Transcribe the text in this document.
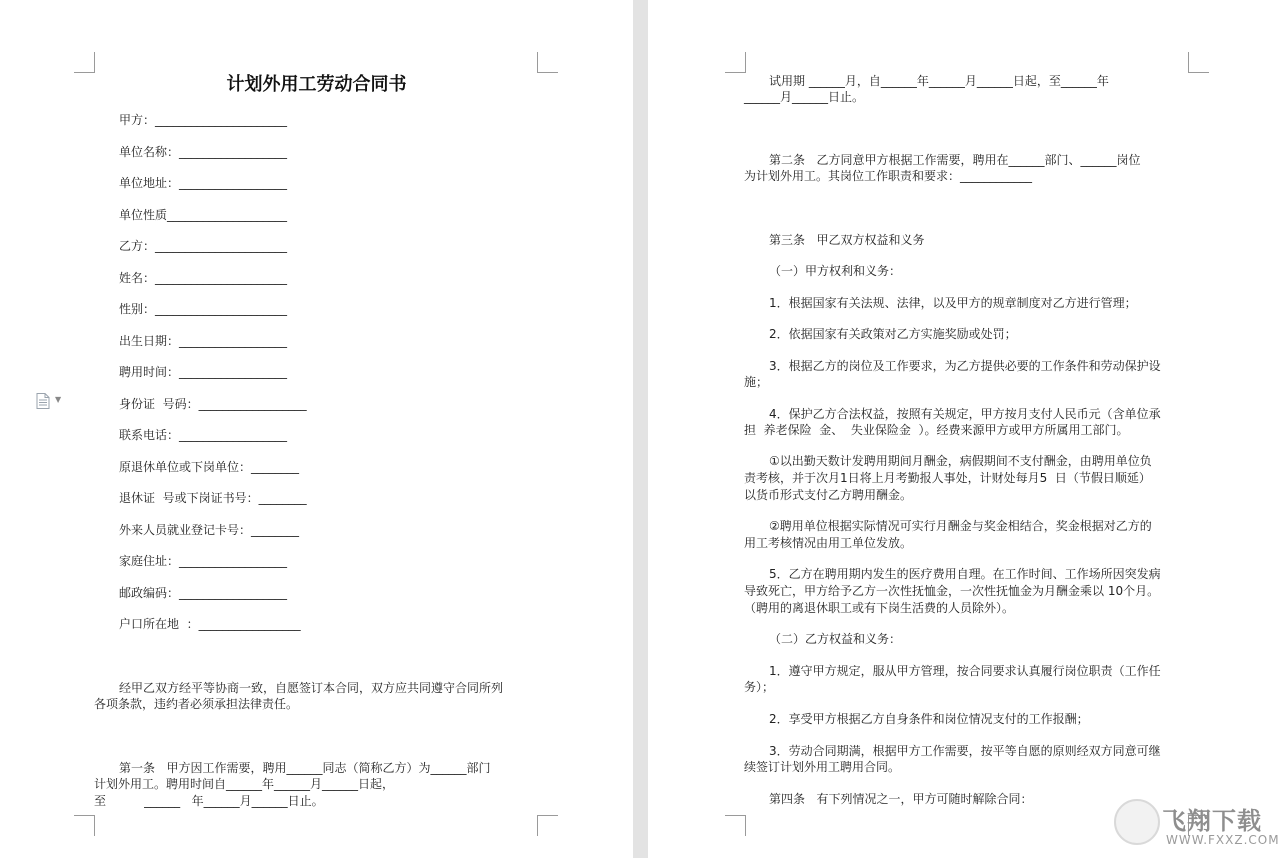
计划外用工劳动合同书
甲方：______________________
单位名称：__________________
单位地址：__________________
单位性质____________________
乙方：______________________
姓名：______________________
性别：______________________
出生日期：__________________
聘用时间：__________________
身份证  号码：__________________
联系电话：__________________
原退休单位或下岗单位：________
退休证  号或下岗证书号：________
外来人员就业登记卡号：________
家庭住址：__________________
邮政编码：__________________
户口所在地  ：_________________
经甲乙双方经平等协商一致，自愿签订本合同，双方应共同遵守合同所列
各项条款，违约者必须承担法律责任。
第一条   甲方因工作需要，聘用______同志（简称乙方）为______部门
计划外用工。聘用时间自______年______月______日起，
至          ______   年______月______日止。
▼
试用期 ______月，自______年______月______日起，至______年
______月______日止。
第二条   乙方同意甲方根据工作需要，聘用在______部门、______岗位
为计划外用工。其岗位工作职责和要求：____________
第三条   甲乙双方权益和义务
（一）甲方权利和义务：
1．根据国家有关法规、法律，以及甲方的规章制度对乙方进行管理；
2．依据国家有关政策对乙方实施奖励或处罚；
3．根据乙方的岗位及工作要求，为乙方提供必要的工作条件和劳动保护设
施；
4．保护乙方合法权益，按照有关规定，甲方按月支付人民币元（含单位承
担  养老保险  金、  失业保险金  ）。经费来源甲方或甲方所属用工部门。
①以出勤天数计发聘用期间月酬金，病假期间不支付酬金，由聘用单位负
责考核，并于次月1日将上月考勤报人事处，计财处每月5  日（节假日顺延）
以货币形式支付乙方聘用酬金。
②聘用单位根据实际情况可实行月酬金与奖金相结合，奖金根据对乙方的
用工考核情况由用工单位发放。
5．乙方在聘用期内发生的医疗费用自理。在工作时间、工作场所因突发病
导致死亡，甲方给予乙方一次性抚恤金，一次性抚恤金为月酬金乘以 10个月。
（聘用的离退休职工或有下岗生活费的人员除外）。
（二）乙方权益和义务：
1．遵守甲方规定，服从甲方管理，按合同要求认真履行岗位职责（工作任
务）；
2．享受甲方根据乙方自身条件和岗位情况支付的工作报酬；
3．劳动合同期满，根据甲方工作需要，按平等自愿的原则经双方同意可继
续签订计划外用工聘用合同。
第四条   有下列情况之一，甲方可随时解除合同：
飞翔下载
WWW.FXXZ.COM
